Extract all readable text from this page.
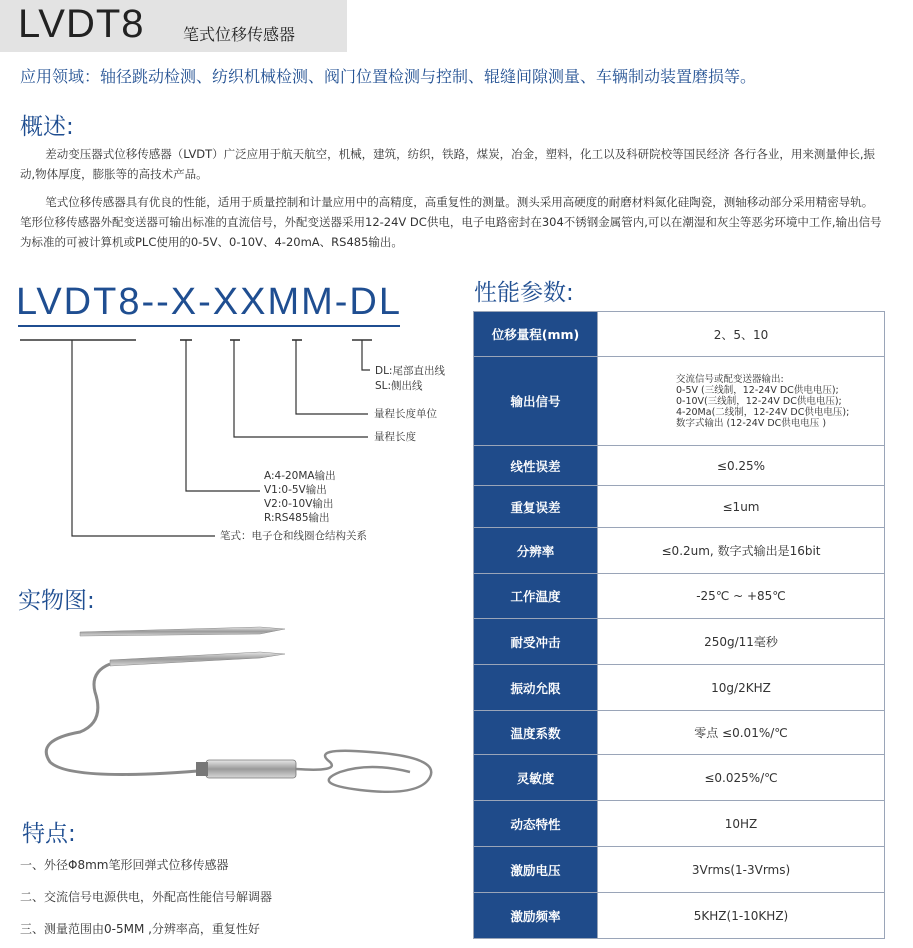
LVDT8 笔式位移传感器
应用领域：轴径跳动检测、纺织机械检测、阀门位置检测与控制、辊缝间隙测量、车辆制动装置磨损等。
概述:

差动变压器式位移传感器（LVDT）广泛应用于航天航空，机械，建筑，纺织，铁路，煤炭，冶金，塑料，化工以及科研院校等国民经济 各行各业，用来测量伸长,振动,物体厚度，膨胀等的高技术产品。

笔式位移传感器具有优良的性能，适用于质量控制和计量应用中的高精度，高重复性的测量。测头采用高硬度的耐磨材料氮化硅陶瓷，测轴移动部分采用精密导轨。笔形位移传感器外配变送器可输出标准的直流信号，外配变送器采用12-24V DC供电，电子电路密封在304不锈钢金属管内,可以在潮湿和灰尘等恶劣环境中工作,输出信号为标准的可被计算机或PLC使用的0-5V、0-10V、4-20mA、RS485输出。

LVDT8--X-XXMM-DL
DL:尾部直出线
SL:侧出线
量程长度单位
量程长度
A:4-20MA输出
V1:0-5V输出
V2:0-10V输出
R:RS485输出
笔式：电子仓和线圈仓结构关系
实物图:
特点:
一、外径Φ8mm笔形回弹式位移传感器
二、交流信号电源供电，外配高性能信号解调器
三、测量范围由0-5MM ,分辨率高，重复性好
性能参数:
位移量程(mm)	2、5、10
输出信号	交流信号或配变送器输出:
0-5V (三线制，12-24V DC供电电压);
0-10V(三线制，12-24V DC供电电压);
4-20Ma(二线制，12-24V DC供电电压);
数字式输出 (12-24V DC供电电压 )

线性误差	≤0.25%
重复误差	≤1um
分辨率	≤0.2um, 数字式输出是16bit
工作温度	-25℃ ~ +85℃
耐受冲击	250g/11毫秒
振动允限	10g/2KHZ
温度系数	零点 ≤0.01%/℃
灵敏度	≤0.025%/℃
动态特性	10HZ
激励电压	3Vrms(1-3Vrms)
激励频率	5KHZ(1-10KHZ)
